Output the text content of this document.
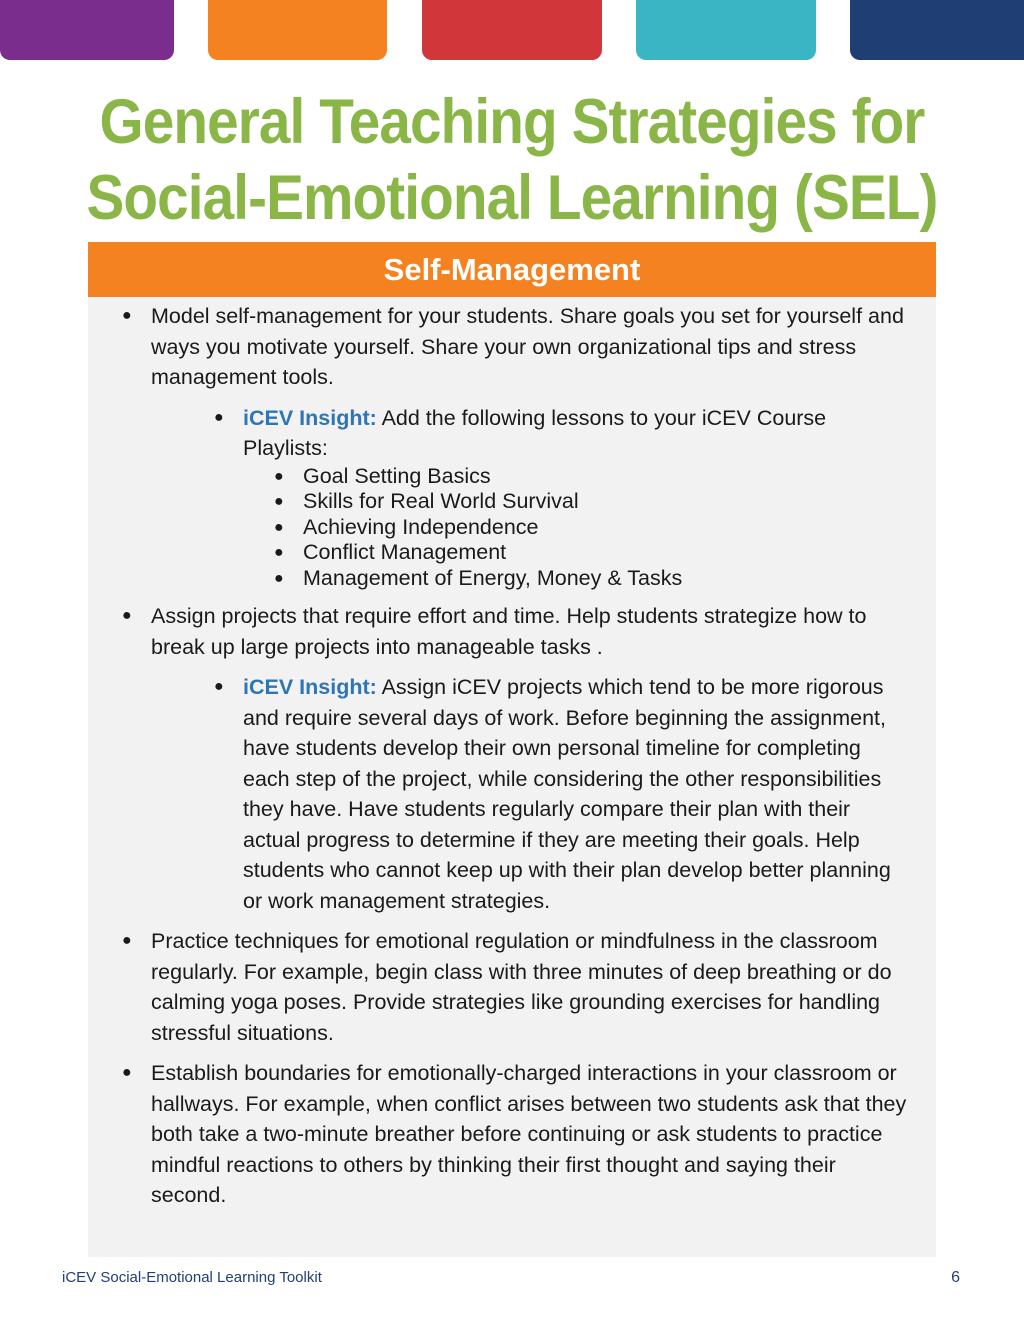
General Teaching Strategies for
Social-Emotional Learning (SEL)
Self-Management
● Model self-management for your students. Share goals you set for yourself and ways you motivate yourself. Share your own organizational tips and stress management tools.
● iCEV Insight: Add the following lessons to your iCEV Course Playlists:
● Goal Setting Basics
● Skills for Real World Survival
● Achieving Independence
● Conflict Management
● Management of Energy, Money & Tasks
● Assign projects that require effort and time. Help students strategize how to break up large projects into manageable tasks .
● iCEV Insight: Assign iCEV projects which tend to be more rigorous and require several days of work. Before beginning the assignment, have students develop their own personal timeline for completing each step of the project, while considering the other responsibilities they have. Have students regularly compare their plan with their actual progress to determine if they are meeting their goals. Help students who cannot keep up with their plan develop better planning or work management strategies.
● Practice techniques for emotional regulation or mindfulness in the classroom regularly. For example, begin class with three minutes of deep breathing or do calming yoga poses. Provide strategies like grounding exercises for handling stressful situations.
● Establish boundaries for emotionally-charged interactions in your classroom or hallways. For example, when conflict arises between two students ask that they both take a two-minute breather before continuing or ask students to practice mindful reactions to others by thinking their first thought and saying their second.
iCEV Social-Emotional Learning Toolkit	6
